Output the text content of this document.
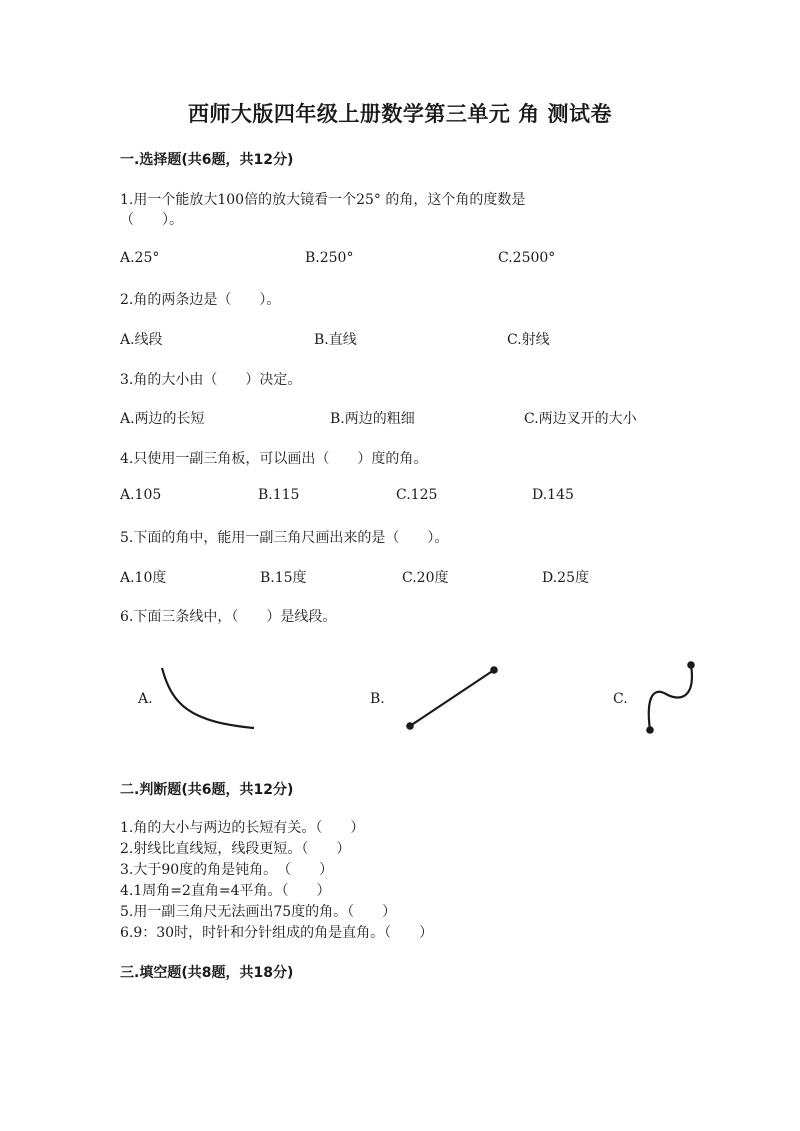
西师大版四年级上册数学第三单元 角 测试卷
一.选择题(共6题，共12分)
1.用一个能放大100倍的放大镜看一个25° 的角，这个角的度数是
（　　）。
A.25°	B.250°	C.2500°
2.角的两条边是（　　）。
A.线段	B.直线	C.射线
3.角的大小由（　　）决定。
A.两边的长短	B.两边的粗细	C.两边叉开的大小
4.只使用一副三角板，可以画出（　　）度的角。
A.105	B.115	C.125	D.145
5.下面的角中，能用一副三角尺画出来的是（　　）。
A.10度	B.15度	C.20度	D.25度
6.下面三条线中，（　　）是线段。
A.	B.	C.
二.判断题(共6题，共12分)
1.角的大小与两边的长短有关。（　　）
2.射线比直线短，线段更短。（　　）
3.大于90度的角是钝角。　（　　）
4.1周角=2直角=4平角。（　　）
5.用一副三角尺无法画出75度的角。（　　）
6.9：30时，时针和分针组成的角是直角。（　　）
三.填空题(共8题，共18分)
